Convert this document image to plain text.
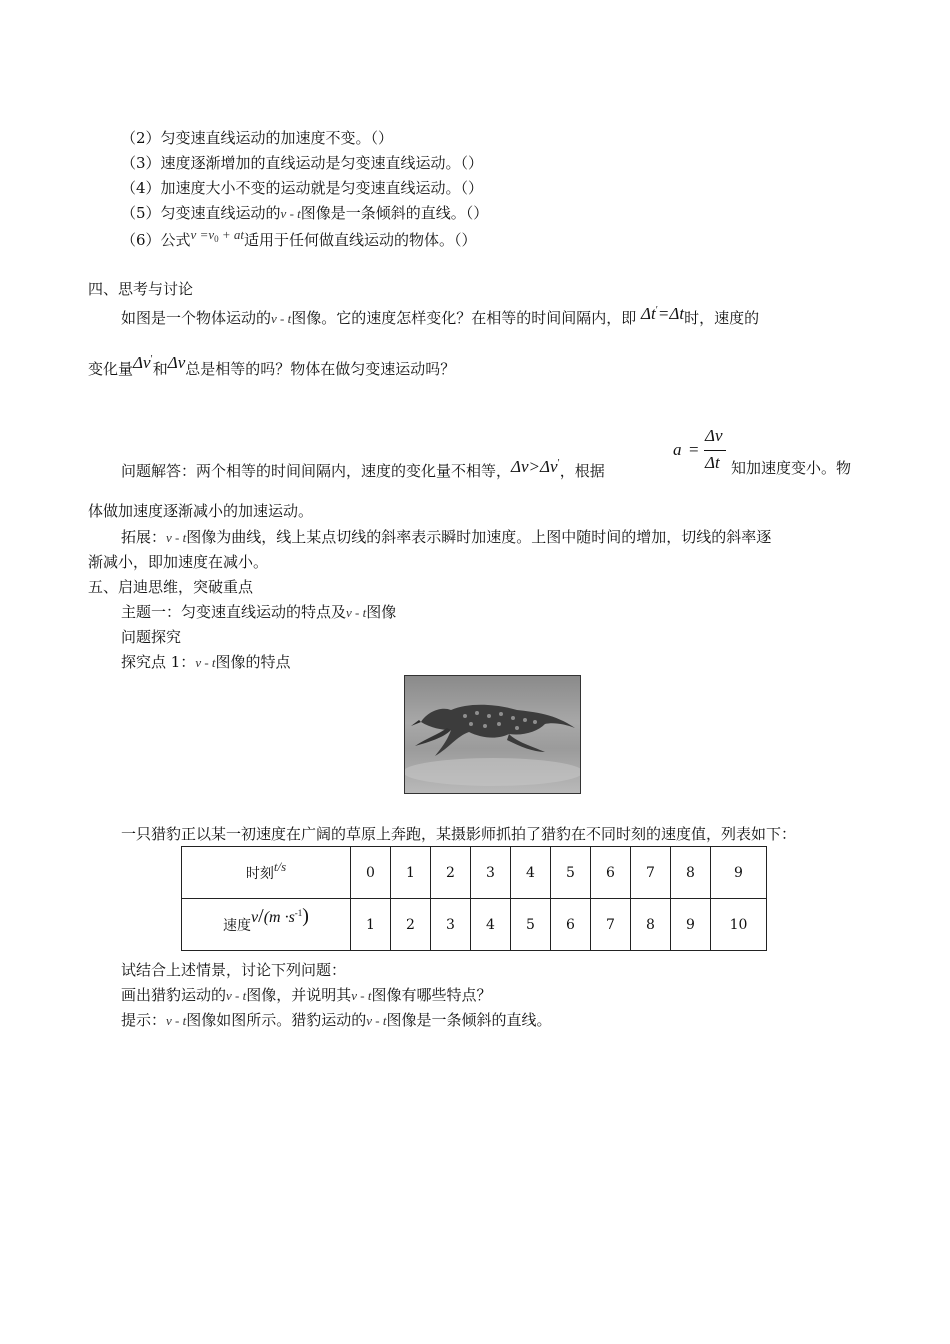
（2）匀变速直线运动的加速度不变。（）
（3）速度逐渐增加的直线运动是匀变速直线运动。（）
（4）加速度大小不变的运动就是匀变速直线运动。（）
（5）匀变速直线运动的v - t图像是一条倾斜的直线。（）
（6）公式$v =v_0$ + at适用于任何做直线运动的物体。（）
四、思考与讨论
如图是一个物体运动的v - t图像。它的速度怎样变化？在相等的时间间隔内，即 Δt′=Δt时，速度的
变化量Δv′和Δv总是相等的吗？物体在做匀变速运动吗？
问题解答：两个相等的时间间隔内，速度的变化量不相等，Δv>Δv′，根据
a =
Δv
Δt 知加速度变小。物
体做加速度逐渐减小的加速运动。
拓展：v - t图像为曲线，线上某点切线的斜率表示瞬时加速度。上图中随时间的增加，切线的斜率逐
渐减小，即加速度在减小。
五、启迪思维，突破重点
主题一：匀变速直线运动的特点及v - t图像
问题探究
探究点 1：v - t图像的特点
一只猎豹正以某一初速度在广阔的草原上奔跑，某摄影师抓拍了猎豹在不同时刻的速度值，列表如下：
时刻t/s	0	1	2	3	4	5	6	7	8	9
速度$v/(m \cdot s^{-1})$	1	2	3	4	5	6	7	8	9	10
试结合上述情景，讨论下列问题：
画出猎豹运动的v - t图像，并说明其v - t图像有哪些特点？
提示：v - t图像如图所示。猎豹运动的v - t图像是一条倾斜的直线。
